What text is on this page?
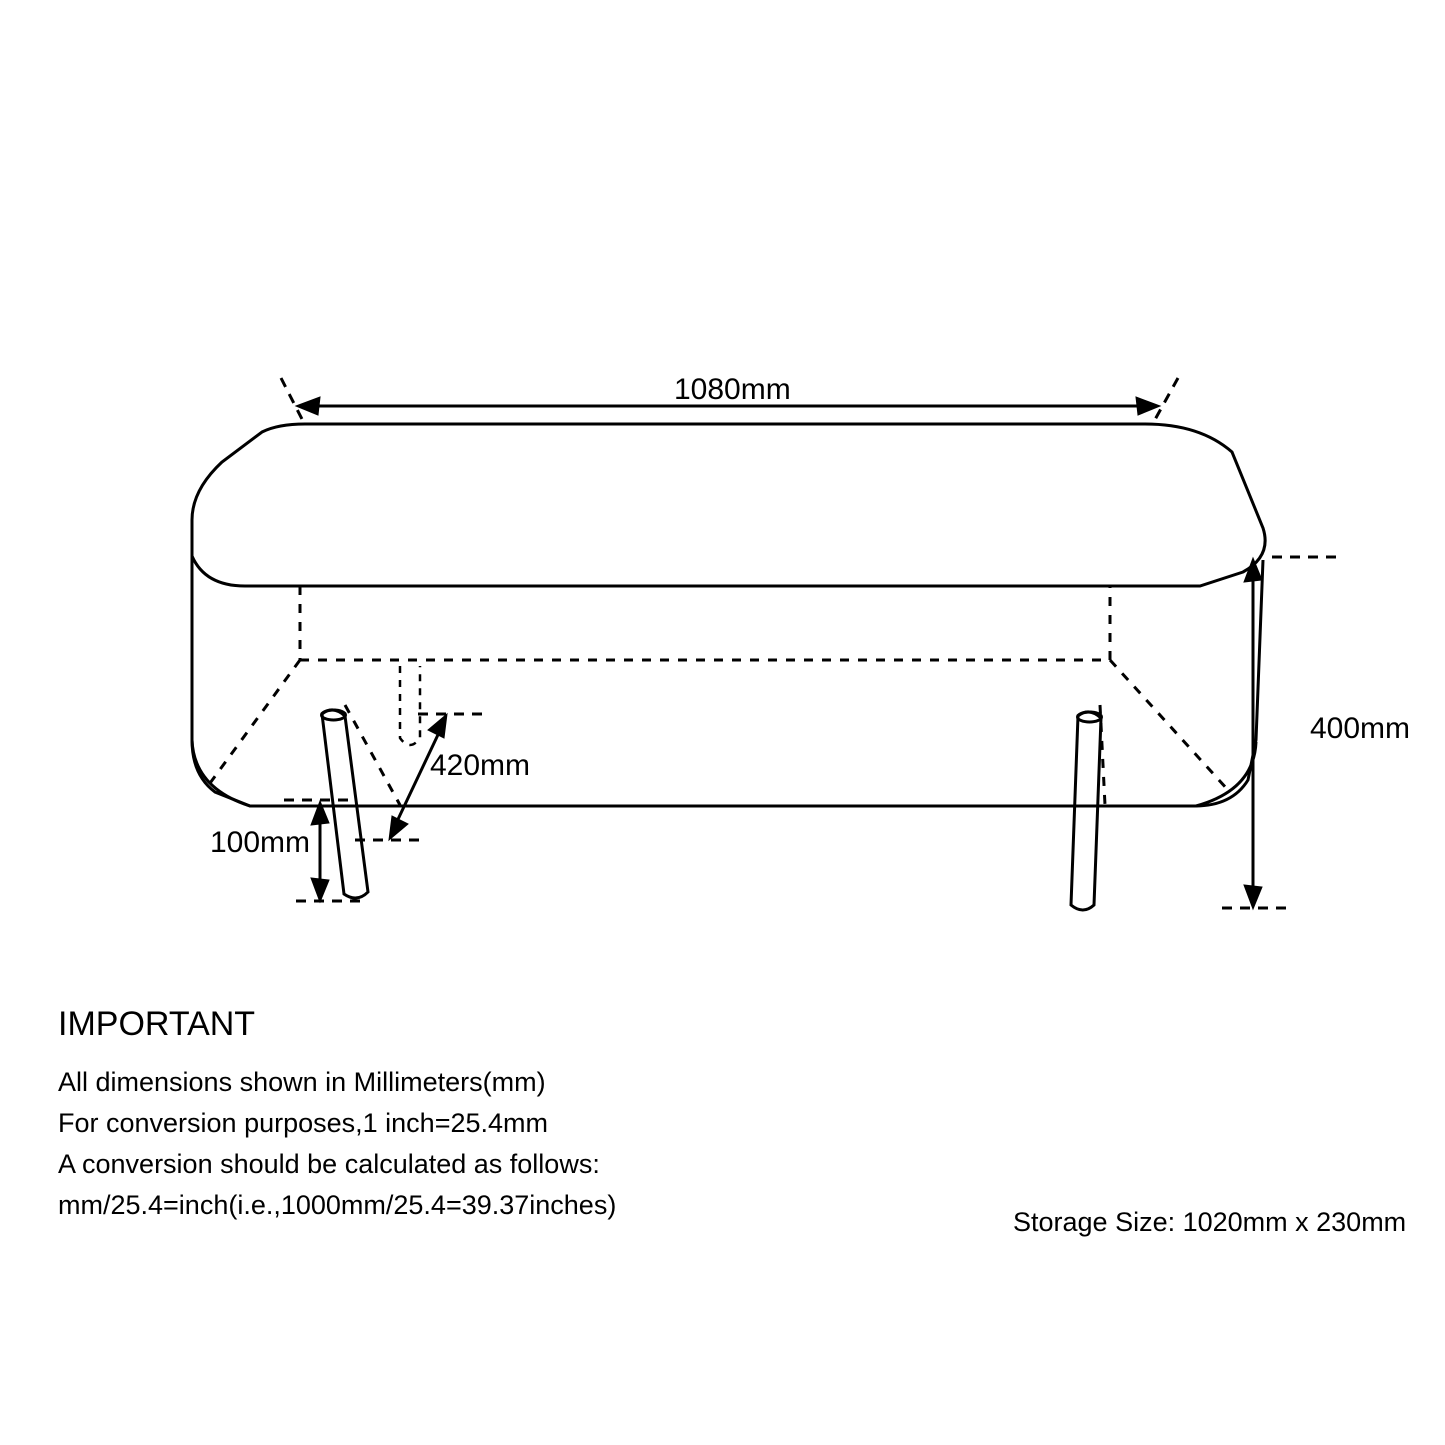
1080mm
400mm
420mm
100mm
IMPORTANT
All dimensions shown in Millimeters(mm)
For conversion purposes,1 inch=25.4mm
A conversion should be calculated as follows:
mm/25.4=inch(i.e.,1000mm/25.4=39.37inches)
Storage Size: 1020mm x 230mm
